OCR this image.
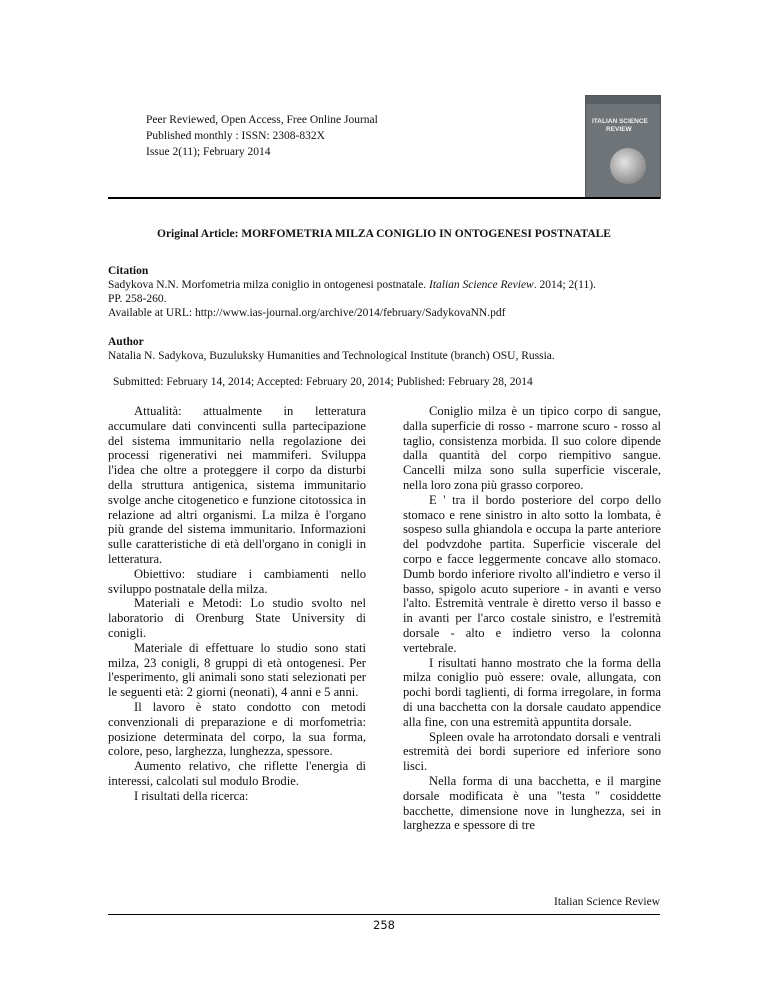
Peer Reviewed, Open Access, Free Online Journal
Published monthly : ISSN: 2308-832X
Issue 2(11); February 2014
ITALIAN SCIENCE
REVIEW
Original Article: MORFOMETRIA MILZA CONIGLIO IN ONTOGENESI POSTNATALE
Citation
Sadykova N.N. Morfometria milza coniglio in ontogenesi postnatale. Italian Science Review. 2014; 2(11).
PP. 258-260.
Available at URL: http://www.ias-journal.org/archive/2014/february/SadykovaNN.pdf
Author
Natalia N. Sadykova, Buzuluksky Humanities and Technological Institute (branch) OSU, Russia.
Submitted: February 14, 2014; Accepted: February 20, 2014; Published: February 28, 2014

Attualità: attualmente in letteratura accumulare dati convincenti sulla partecipazione del sistema immunitario nella regolazione dei processi rigenerativi nei mammiferi. Sviluppa l'idea che oltre a proteggere il corpo da disturbi della struttura antigenica, sistema immunitario svolge anche citogenetico e funzione citotossica in relazione ad altri organismi. La milza è l'organo più grande del sistema immunitario. Informazioni sulle caratteristiche di età dell'organo in conigli in letteratura.

Obiettivo: studiare i cambiamenti nello sviluppo postnatale della milza.

Materiali e Metodi: Lo studio svolto nel laboratorio di Orenburg State University di conigli.

Materiale di effettuare lo studio sono stati milza, 23 conigli, 8 gruppi di età ontogenesi. Per l'esperimento, gli animali sono stati selezionati per le seguenti età: 2 giorni (neonati), 4 anni e 5 anni.

Il lavoro è stato condotto con metodi convenzionali di preparazione e di morfometria: posizione determinata del corpo, la sua forma, colore, peso, larghezza, lunghezza, spessore.

Aumento relativo, che riflette l'energia di interessi, calcolati sul modulo Brodie.

I risultati della ricerca:

Coniglio milza è un tipico corpo di sangue, dalla superficie di rosso - marrone scuro - rosso al taglio, consistenza morbida. Il suo colore dipende dalla quantità del corpo riempitivo sangue. Cancelli milza sono sulla superficie viscerale, nella loro zona più grasso corporeo.

E ' tra il bordo posteriore del corpo dello stomaco e rene sinistro in alto sotto la lombata, è sospeso sulla ghiandola e occupa la parte anteriore del podvzdohe partita. Superficie viscerale del corpo e facce leggermente concave allo stomaco. Dumb bordo inferiore rivolto all'indietro e verso il basso, spigolo acuto superiore - in avanti e verso l'alto. Estremità ventrale è diretto verso il basso e in avanti per l'arco costale sinistro, e l'estremità dorsale - alto e indietro verso la colonna vertebrale.

I risultati hanno mostrato che la forma della milza coniglio può essere: ovale, allungata, con pochi bordi taglienti, di forma irregolare, in forma di una bacchetta con la dorsale caudato appendice alla fine, con una estremità appuntita dorsale.

Spleen ovale ha arrotondato dorsali e ventrali estremità dei bordi superiore ed inferiore sono lisci.

Nella forma di una bacchetta, e il margine dorsale modificata è una "testa " cosiddette bacchette, dimensione nove in lunghezza, sei in larghezza e spessore di tre

Italian Science Review
258
